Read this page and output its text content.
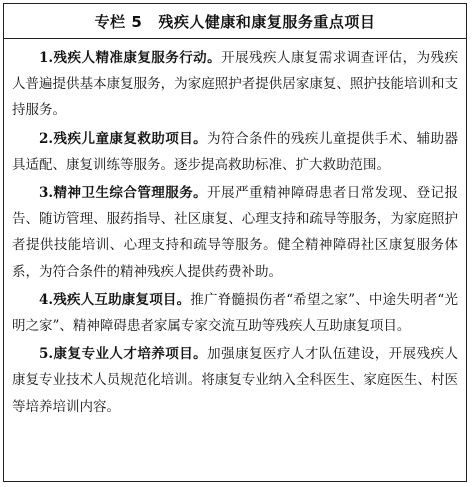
专栏 5 残疾人健康和康复服务重点项目

1.残疾人精准康复服务行动。开展残疾人康复需求调查评估，为残疾人普遍提供基本康复服务，为家庭照护者提供居家康复、照护技能培训和支持服务。

2.残疾儿童康复救助项目。为符合条件的残疾儿童提供手术、辅助器具适配、康复训练等服务。逐步提高救助标准、扩大救助范围。

3.精神卫生综合管理服务。开展严重精神障碍患者日常发现、登记报告、随访管理、服药指导、社区康复、心理支持和疏导等服务，为家庭照护者提供技能培训、心理支持和疏导等服务。健全精神障碍社区康复服务体系，为符合条件的精神残疾人提供药费补助。

4.残疾人互助康复项目。推广脊髓损伤者“希望之家”、中途失明者“光明之家”、精神障碍患者家属专家交流互助等残疾人互助康复项目。

5.康复专业人才培养项目。加强康复医疗人才队伍建设，开展残疾人康复专业技术人员规范化培训。将康复专业纳入全科医生、家庭医生、村医等培养培训内容。
